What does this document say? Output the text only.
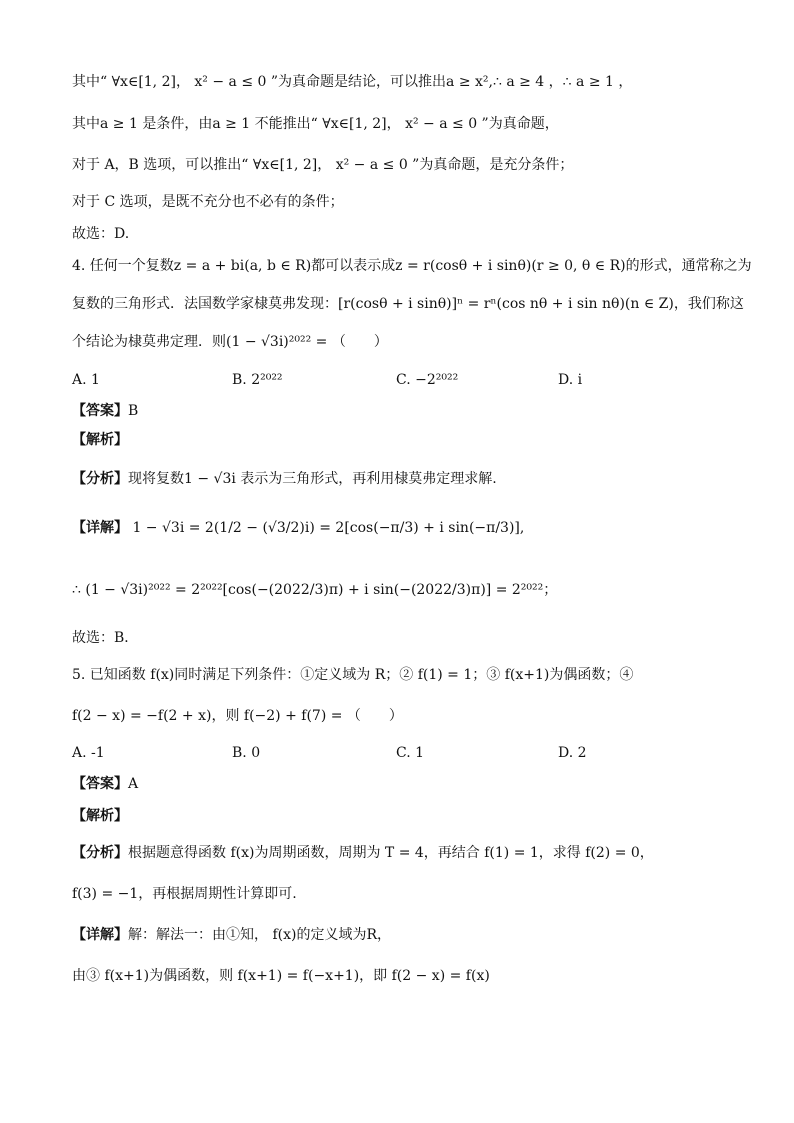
其中“ ∀x∈[1, 2]， x² − a ≤ 0 ”为真命题是结论，可以推出a ≥ x²,∴ a ≥ 4 ，∴ a ≥ 1 ，
其中a ≥ 1 是条件，由a ≥ 1 不能推出“ ∀x∈[1, 2]， x² − a ≤ 0 ”为真命题，
对于 A，B 选项，可以推出“ ∀x∈[1, 2]， x² − a ≤ 0 ”为真命题，是充分条件；
对于 C 选项，是既不充分也不必有的条件；
故选：D.
4. 任何一个复数z = a + bi(a, b ∈ R)都可以表示成z = r(cosθ + i sinθ)(r ≥ 0, θ ∈ R)的形式，通常称之为
复数的三角形式．法国数学家棣莫弗发现：[r(cosθ + i sinθ)]ⁿ = rⁿ(cos nθ + i sin nθ)(n ∈ Z)，我们称这
个结论为棣莫弗定理．则(1 − √3i)²⁰²² = （　　）
A. 1	B. 2²⁰²²	C. −2²⁰²²	D. i
【答案】B
【解析】
【分析】现将复数1 − √3i 表示为三角形式，再利用棣莫弗定理求解.
【详解】 1 − √3i = 2(1/2 − (√3/2)i) = 2[cos(−π/3) + i sin(−π/3)],
∴ (1 − √3i)²⁰²² = 2²⁰²²[cos(−(2022/3)π) + i sin(−(2022/3)π)] = 2²⁰²²；
故选：B．
5. 已知函数 f(x)同时满足下列条件：①定义域为 R；② f(1) = 1；③ f(x+1)为偶函数；④
f(2 − x) = −f(2 + x)，则 f(−2) + f(7) = （　　）
A. -1	B. 0	C. 1	D. 2
【答案】A
【解析】
【分析】根据题意得函数 f(x)为周期函数，周期为 T = 4，再结合 f(1) = 1，求得 f(2) = 0，
f(3) = −1，再根据周期性计算即可.
【详解】解：解法一：由①知， f(x)的定义域为R，
由③ f(x+1)为偶函数，则 f(x+1) = f(−x+1)，即 f(2 − x) = f(x)
